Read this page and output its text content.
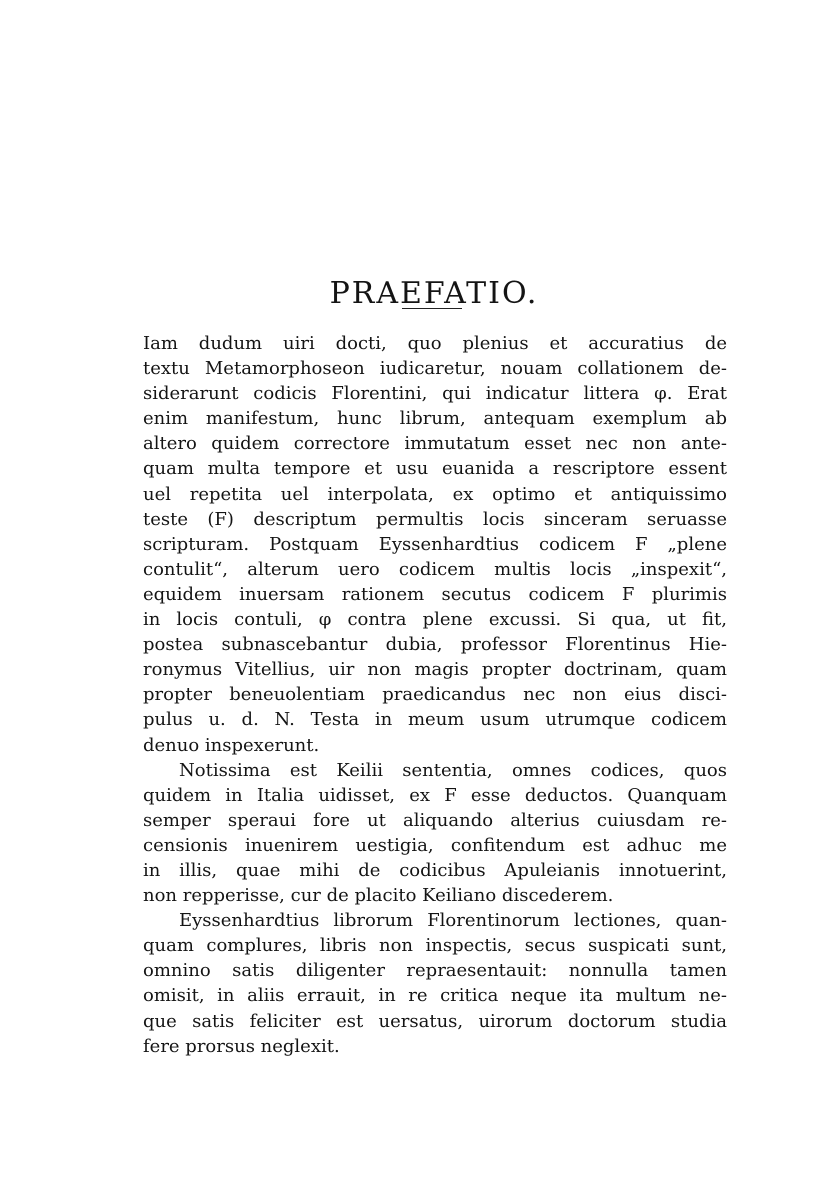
PRAEFATIO.
Iam dudum uiri docti, quo plenius et accuratius de
textu Metamorphoseon iudicaretur, nouam collationem de-
siderarunt codicis Florentini, qui indicatur littera φ. Erat
enim manifestum, hunc librum, antequam exemplum ab
altero quidem correctore immutatum esset nec non ante-
quam multa tempore et usu euanida a rescriptore essent
uel repetita uel interpolata, ex optimo et antiquissimo
teste (F) descriptum permultis locis sinceram seruasse
scripturam. Postquam Eyssenhardtius codicem F „plene
contulit“, alterum uero codicem multis locis „inspexit“,
equidem inuersam rationem secutus codicem F plurimis
in locis contuli, φ contra plene excussi. Si qua, ut fit,
postea subnascebantur dubia, professor Florentinus Hie-
ronymus Vitellius, uir non magis propter doctrinam, quam
propter beneuolentiam praedicandus nec non eius disci-
pulus u. d. N. Testa in meum usum utrumque codicem
denuo inspexerunt.
Notissima est Keilii sententia, omnes codices, quos
quidem in Italia uidisset, ex F esse deductos. Quanquam
semper speraui fore ut aliquando alterius cuiusdam re-
censionis inuenirem uestigia, confitendum est adhuc me
in illis, quae mihi de codicibus Apuleianis innotuerint,
non repperisse, cur de placito Keiliano discederem.
Eyssenhardtius librorum Florentinorum lectiones, quan-
quam complures, libris non inspectis, secus suspicati sunt,
omnino satis diligenter repraesentauit: nonnulla tamen
omisit, in aliis errauit, in re critica neque ita multum ne-
que satis feliciter est uersatus, uirorum doctorum studia
fere prorsus neglexit.
